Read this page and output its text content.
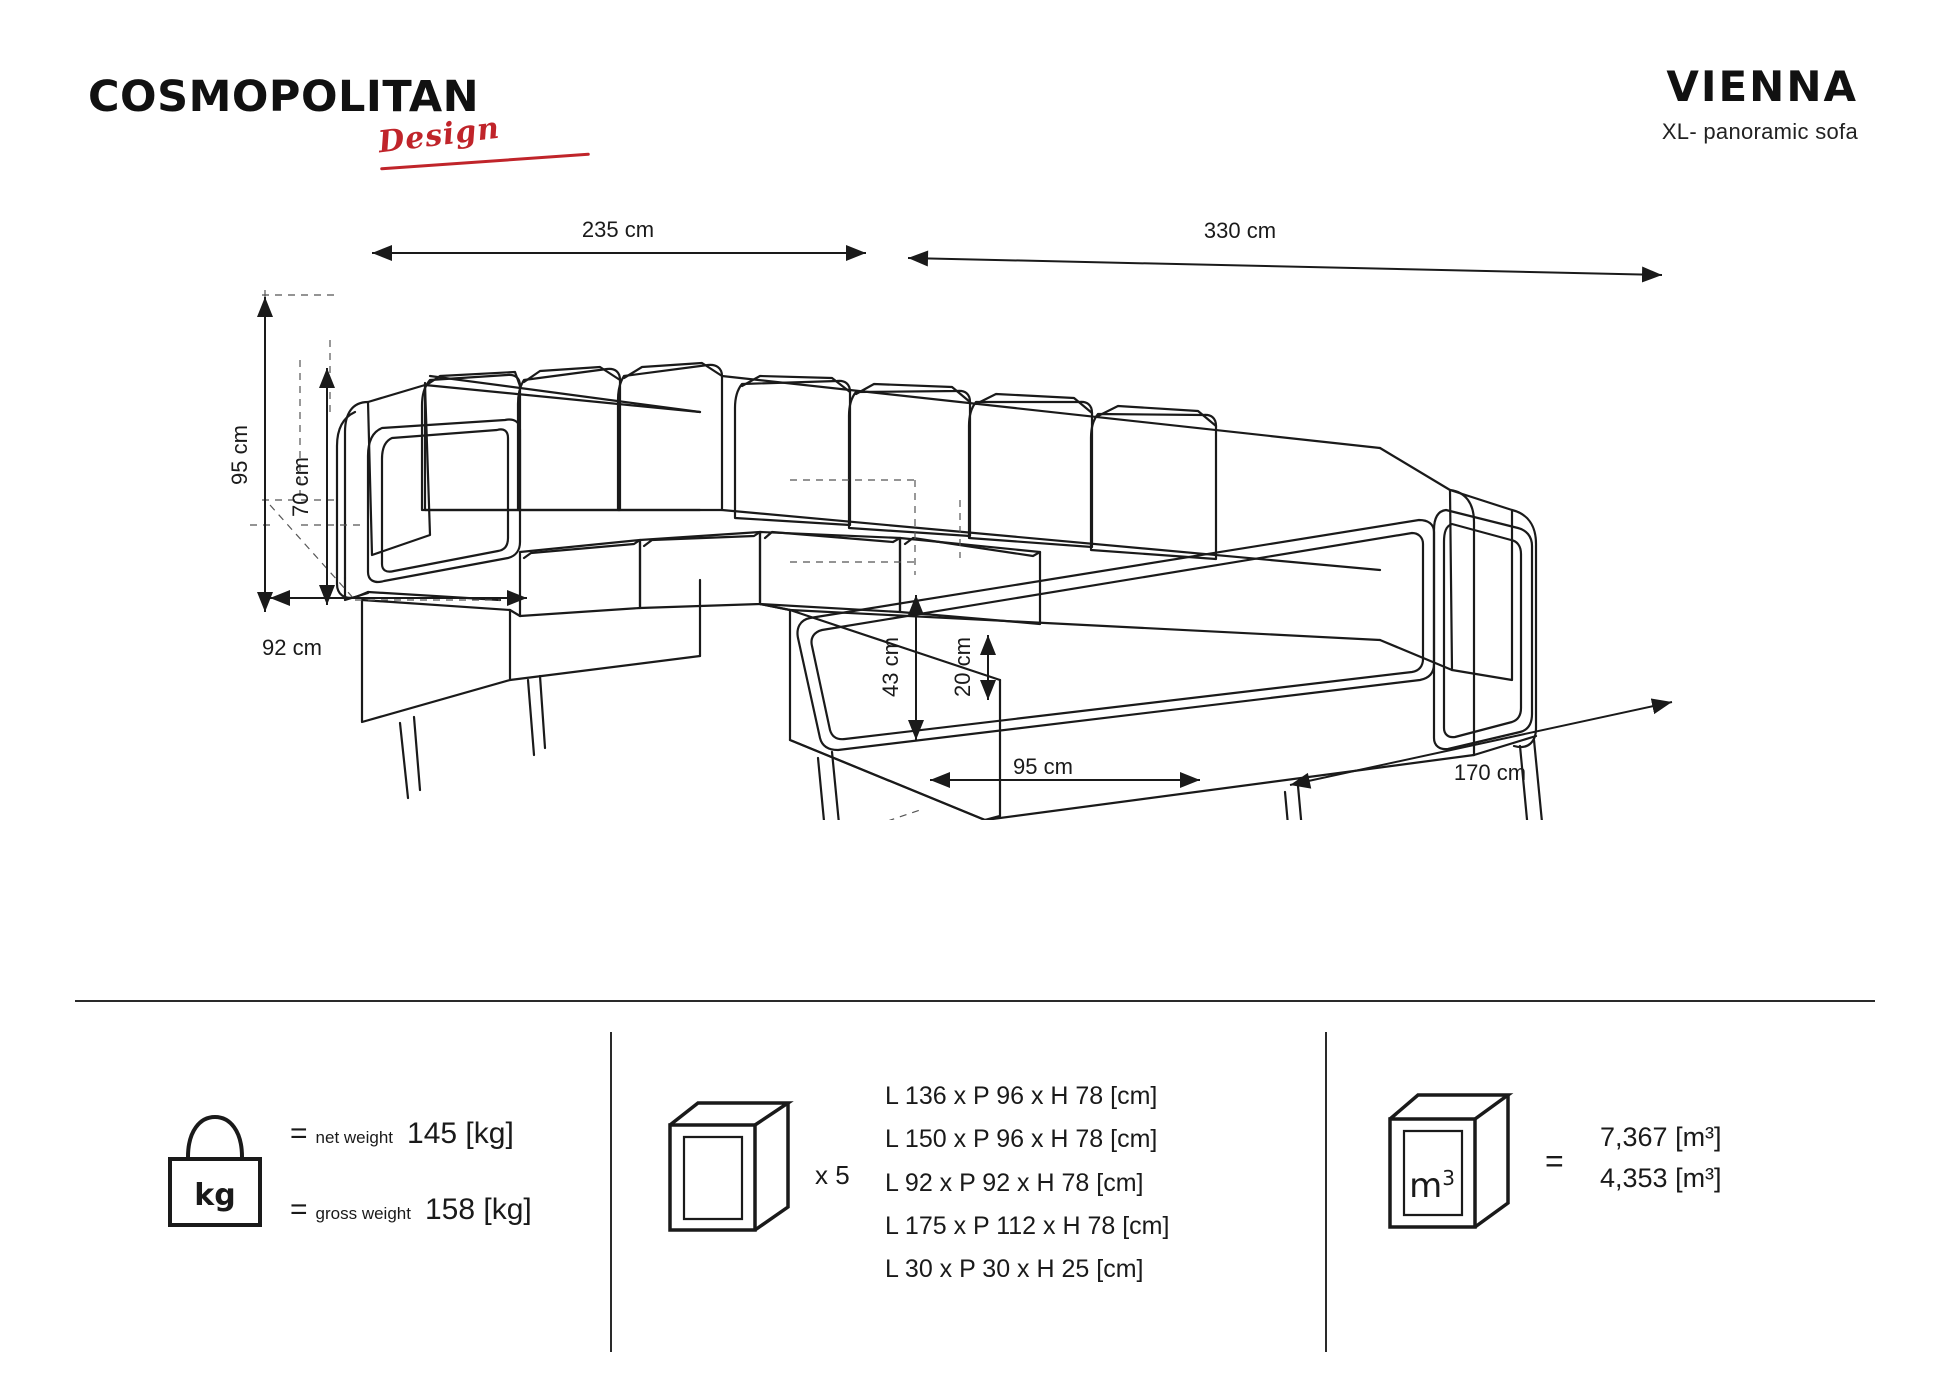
COSMOPOLITAN
Design
VIENNA
XL- panoramic sofa
235 cm	330 cm
95 cm
70 cm
92 cm	43 cm 20 cm
95 cm	170 cm
kg
= net weight 145 [kg]
= gross weight 158 [kg]
x 5
L 136 x P 96 x H 78 [cm]
L 150 x P 96 x H 78 [cm]
L 92 x P 92 x H 78 [cm]
L 175 x P 112 x H 78 [cm]
L 30 x P 30 x H 25 [cm]
$m^3$	=
7,367 [m³]
4,353 [m³]
